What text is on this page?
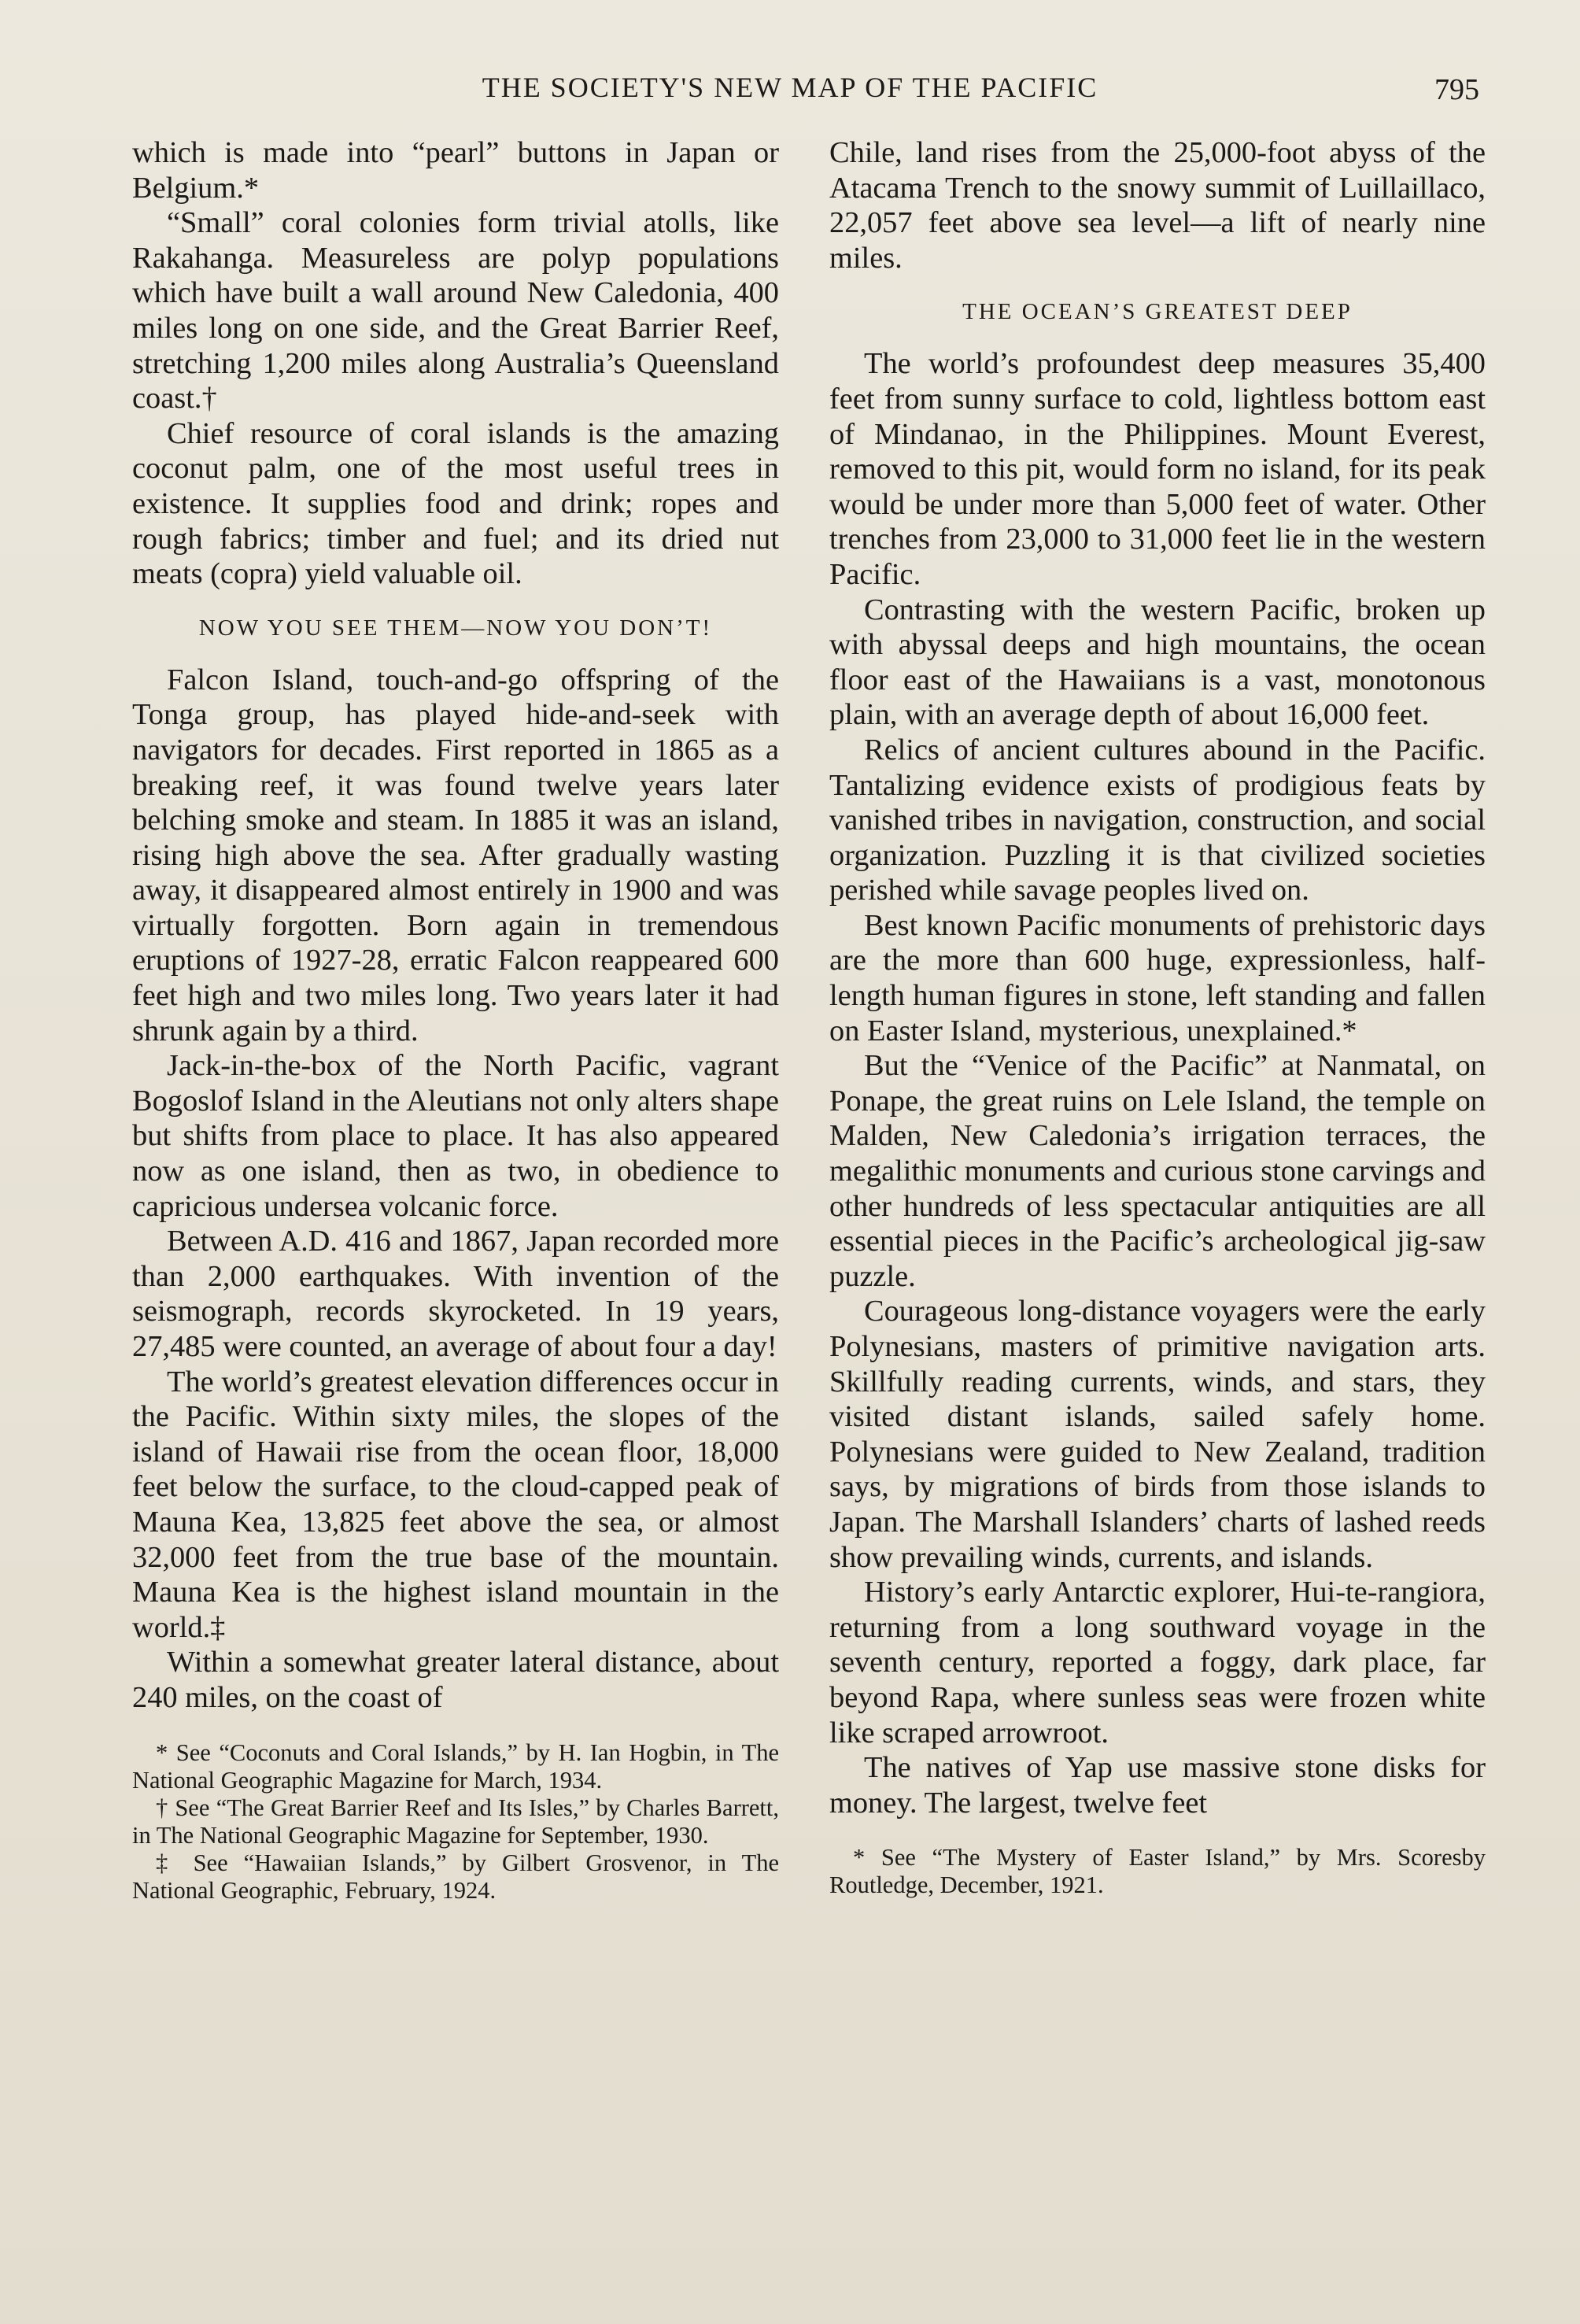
THE SOCIETY'S NEW MAP OF THE PACIFIC	795

which is made into “pearl” buttons in Japan or Belgium.*

“Small” coral colonies form trivial atolls, like Rakahanga. Measureless are polyp populations which have built a wall around New Caledonia, 400 miles long on one side, and the Great Barrier Reef, stretching 1,200 miles along Australia’s Queensland coast.†

Chief resource of coral islands is the amazing coconut palm, one of the most useful trees in existence. It supplies food and drink; ropes and rough fabrics; timber and fuel; and its dried nut meats (copra) yield valuable oil.

NOW YOU SEE THEM—NOW YOU DON’T!

Falcon Island, touch-and-go offspring of the Tonga group, has played hide-and-seek with navigators for decades. First reported in 1865 as a breaking reef, it was found twelve years later belching smoke and steam. In 1885 it was an island, rising high above the sea. After gradually wasting away, it disappeared almost entirely in 1900 and was virtually forgotten. Born again in tremendous eruptions of 1927-28, erratic Falcon reappeared 600 feet high and two miles long. Two years later it had shrunk again by a third.

Jack-in-the-box of the North Pacific, vagrant Bogoslof Island in the Aleutians not only alters shape but shifts from place to place. It has also appeared now as one island, then as two, in obedience to capricious undersea volcanic force.

Between A.D. 416 and 1867, Japan recorded more than 2,000 earthquakes. With invention of the seismograph, records skyrocketed. In 19 years, 27,485 were counted, an average of about four a day!

The world’s greatest elevation differences occur in the Pacific. Within sixty miles, the slopes of the island of Hawaii rise from the ocean floor, 18,000 feet below the surface, to the cloud-capped peak of Mauna Kea, 13,825 feet above the sea, or almost 32,000 feet from the true base of the mountain. Mauna Kea is the highest island mountain in the world.‡

Within a somewhat greater lateral distance, about 240 miles, on the coast of

* See “Coconuts and Coral Islands,” by H. Ian Hogbin, in The National Geographic Magazine for March, 1934.

† See “The Great Barrier Reef and Its Isles,” by Charles Barrett, in The National Geographic Magazine for September, 1930.

‡ See “Hawaiian Islands,” by Gilbert Grosvenor, in The National Geographic, February, 1924.

Chile, land rises from the 25,000-foot abyss of the Atacama Trench to the snowy summit of Luillaillaco, 22,057 feet above sea level—a lift of nearly nine miles.

THE OCEAN’S GREATEST DEEP

The world’s profoundest deep measures 35,400 feet from sunny surface to cold, lightless bottom east of Mindanao, in the Philippines. Mount Everest, removed to this pit, would form no island, for its peak would be under more than 5,000 feet of water. Other trenches from 23,000 to 31,000 feet lie in the western Pacific.

Contrasting with the western Pacific, broken up with abyssal deeps and high mountains, the ocean floor east of the Hawaiians is a vast, monotonous plain, with an average depth of about 16,000 feet.

Relics of ancient cultures abound in the Pacific. Tantalizing evidence exists of prodigious feats by vanished tribes in navigation, construction, and social organization. Puzzling it is that civilized societies perished while savage peoples lived on.

Best known Pacific monuments of prehistoric days are the more than 600 huge, expressionless, half-length human figures in stone, left standing and fallen on Easter Island, mysterious, unexplained.*

But the “Venice of the Pacific” at Nanmatal, on Ponape, the great ruins on Lele Island, the temple on Malden, New Caledonia’s irrigation terraces, the megalithic monuments and curious stone carvings and other hundreds of less spectacular antiquities are all essential pieces in the Pacific’s archeological jig-saw puzzle.

Courageous long-distance voyagers were the early Polynesians, masters of primitive navigation arts. Skillfully reading currents, winds, and stars, they visited distant islands, sailed safely home. Polynesians were guided to New Zealand, tradition says, by migrations of birds from those islands to Japan. The Marshall Islanders’ charts of lashed reeds show prevailing winds, currents, and islands.

History’s early Antarctic explorer, Hui-te-rangiora, returning from a long southward voyage in the seventh century, reported a foggy, dark place, far beyond Rapa, where sunless seas were frozen white like scraped arrowroot.

The natives of Yap use massive stone disks for money. The largest, twelve feet

* See “The Mystery of Easter Island,” by Mrs. Scoresby Routledge, December, 1921.
